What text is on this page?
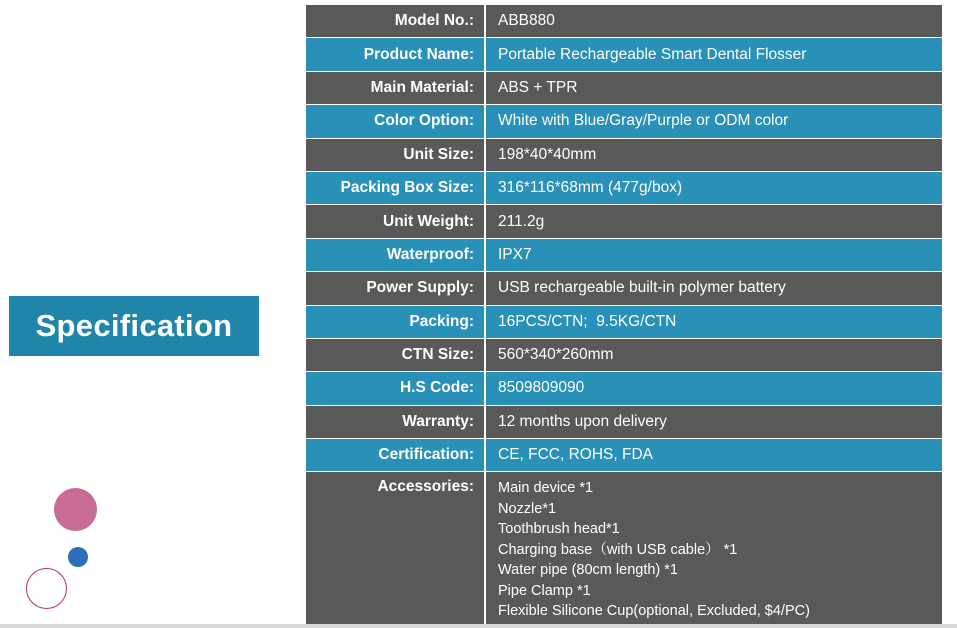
Specification
Model No.:	ABB880
Product Name:	Portable Rechargeable Smart Dental Flosser
Main Material:	ABS + TPR
Color Option:	White with Blue/Gray/Purple or ODM color
Unit Size:	198*40*40mm
Packing Box Size:	316*116*68mm (477g/box)
Unit Weight:	211.2g
Waterproof:	IPX7
Power Supply:	USB rechargeable built-in polymer battery
Packing:	16PCS/CTN;  9.5KG/CTN
CTN Size:	560*340*260mm
H.S Code:	8509809090
Warranty:	12 months upon delivery
Certification:	CE, FCC, ROHS, FDA
Accessories:	Main device *1
Nozzle*1
Toothbrush head*1
Charging base（with USB cable） *1
Water pipe (80cm length) *1
Pipe Clamp *1
Flexible Silicone Cup(optional, Excluded, $4/PC)
